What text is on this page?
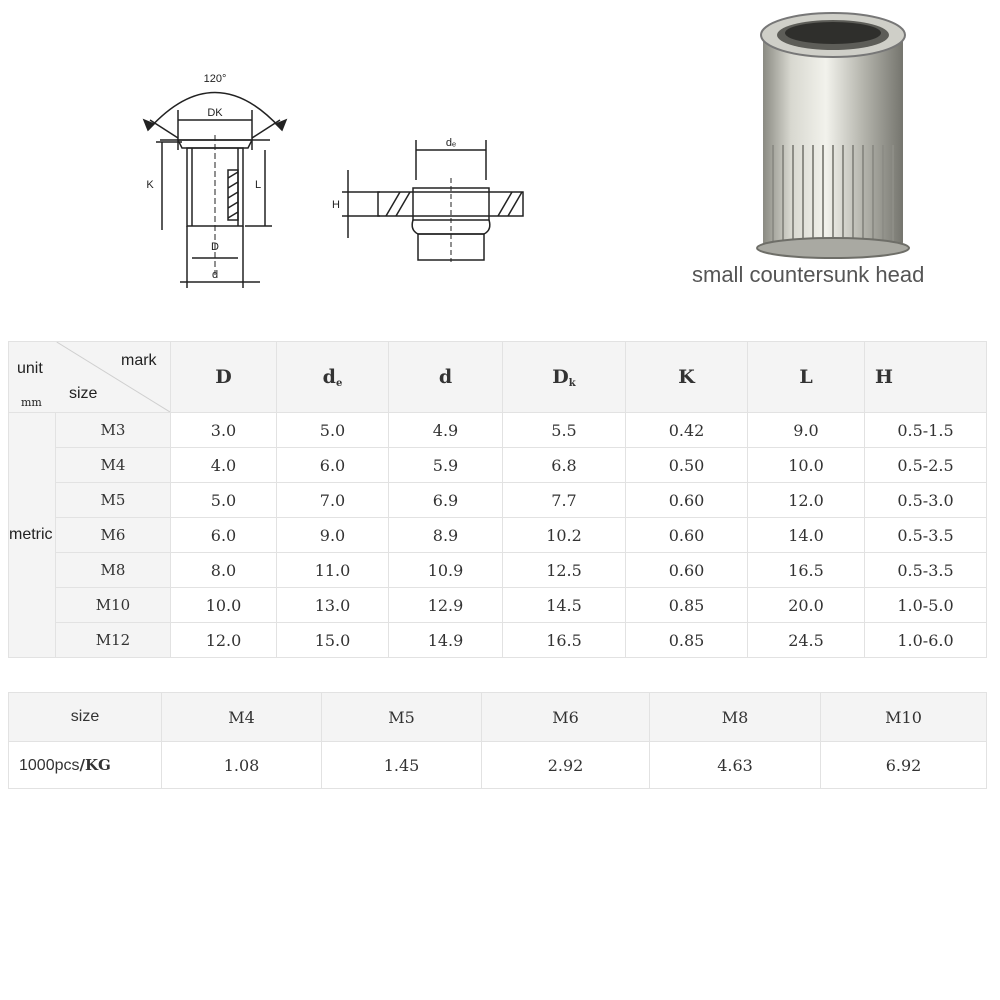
120°
DK
K	L
D
d
dₑ
H
small countersunk head
unit
mm
mark
size		D	$d_e$	d	$D_k$	K	L	H
metric	M3	3.0	5.0	4.9	5.5	0.42	9.0	0.5-1.5
	M4	4.0	6.0	5.9	6.8	0.50	10.0	0.5-2.5
	M5	5.0	7.0	6.9	7.7	0.60	12.0	0.5-3.0
	M6	6.0	9.0	8.9	10.2	0.60	14.0	0.5-3.5
	M8	8.0	11.0	10.9	12.5	0.60	16.5	0.5-3.5
	M10	10.0	13.0	12.9	14.5	0.85	20.0	1.0-5.0
	M12	12.0	15.0	14.9	16.5	0.85	24.5	1.0-6.0
size	M4	M5	M6	M8	M10
1000pcs/KG	1.08	1.45	2.92	4.63	6.92
